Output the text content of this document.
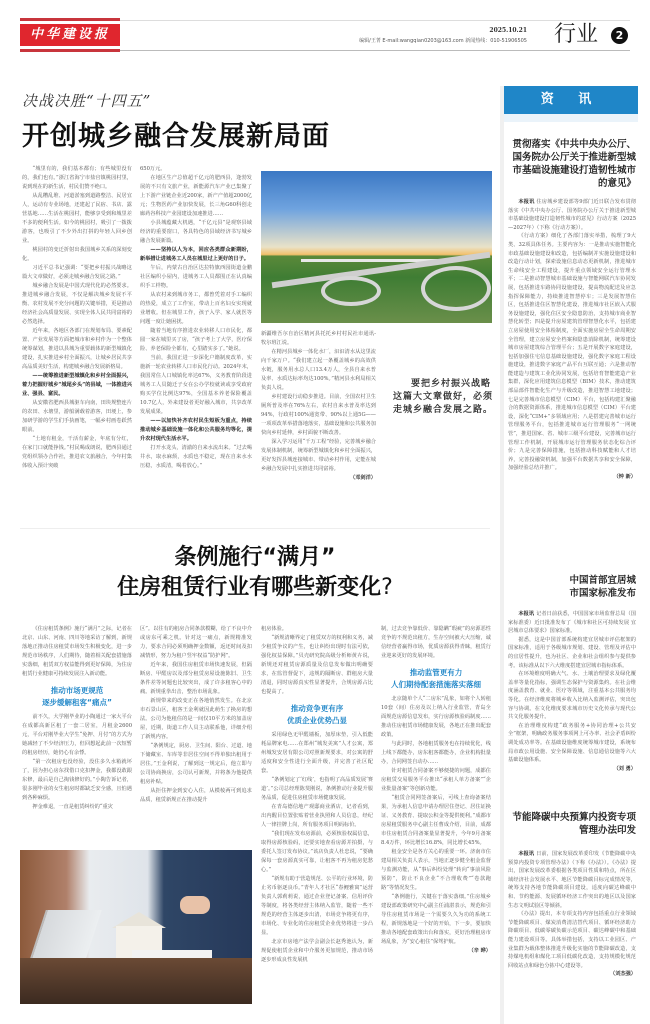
中华建设报	2025.10.21
编辑/王菁 E-mail:wangqian0203@163.com 新闻热线：010-51906505 行业	2
决战决胜“十四五”
开创城乡融合发展新局面

“城里有的，我们基本都有；有些城里没有的，我们也有。”浙江省海宁市盐官镇桃园村里，说到现在的新生活，村民们赞不绝口。

从乱糟乱堆、河道淤塞到道路整洁、民居宜人，运动有专业场地，还建起了民宿、书店、露营基地……生活在桃园村，能够享受到和城里差不多的便利生活。如今的桃园村，吸引了一拨拨游客，也吸引了不少外出打拼的年轻人回乡创业。

桃园村的变迁折射出我国城乡关系的深刻变化。

习近平总书记强调：“要把乡村振兴战略这篇大文章做好，必须走城乡融合发展之路。”

城乡融合发展是中国式现代化的必然要求。推进城乡融合发展，不仅是解决城乡发展不平衡、农村发展不充分问题的关键举措，更是推动经济社会高质量发展、实现全体人民共同富裕的必然选择。

近年来，各地区各部门在规划布局、要素配置、产业发展等方面把城市和乡村作为一个整体统筹谋划，推进以县城为重要载体的新型城镇化建设，扎实推进乡村全面振兴，让城乡居民共享高品质美好生活，构建城乡融合发展新格局。

——统筹推进新型城镇化和乡村全面振兴，着力把握好城乡“城尾乡头”的县域，一体推进兴业、强县、富民。

从安徽省肥西县城驱车向南，田块规整连片的农田、水塘里，游船满载着游客，田埂上，参加研学游的学生们手执画笔，一幅乡村画卷跃然眼前。

“土地有租金，干活有薪金，年底有分红，在家门口就能挣钱。”村民喝成朗说，肥西县通过党组织领办合作社，推进农文旅融合，今年村集体收入预计突破

650万元。

在地区生产总值超千亿元的肥西县，逢勃发展的不只有文旅产业，新能源汽车产业已集聚了上下游产业链企业近200家，新产产值超2000亿元；生物医药产业加快发展，长三角G60科创走廊药谷科技产业园建设加速推进……

小县城蕴藏大机遇，“千亿元县”是观察县域经济的重要窗口，各具特色的县域经济书写城乡融合发展新篇。

——坚持以人为本，回应各类群众新期盼，新举措让进城务工人员在城里过上更好的日子。

午后，内蒙古自治区达拉特旗西园街道金鹏社区编织小屋内，进城务工人员都围正在认真编织手工样物。

从农村来到城市务工，都曾凭着对手工编织的热爱，成立了工作室，带动上百名妇女实现就业增收。但在城里工作，孩子入学、家人就医等问题一度让她困扰。

随着当地有序推进农业转移人口市民化，都圆一家在城里买了房，“孩子考上了大学，医疗保险、养老保险全都有，心里踏实多了。”她说。

当前，我国正进一步深化户籍制度改革，实施新一轮农业转移人口市民化行动。2024年末，我国常住人口城镇化率达67%，义务教育阶段进城务工人员随迁子女在公办学校就读或享受政府购买学位比例达97%，全国基本养老保险覆盖10.7亿人，外来建设者更好融入城市，共享改革发展成果。

——以加快补齐农村民生短板为重点，持续推动城乡基础设施一体化和公共服务均等化，提升农村现代生活水平。

打开水龙头，清澈的自来水流出来。“过去喝井水，取水麻烦，水质也不稳定，现在自来水水压稳，水质清，喝着放心。”

新疆维吾尔自治区精河县托托乡村村民社市通讯-牧尔班江说。

在精河县城乡一体化水厂，汩汩清水从这里流向千家万户。“我们建立起一条覆盖城乡的高效供水链，服务用水总人口13.4万人，全县自来水普及率、水质达标率均达100%。”精河县水利局相关负责人说。

乡村建设行动稳步推进。目前，全国农村卫生厕所普及率在76%左右，农村自来水普及率达到94%，行政村100%通宽带、90%以上通5G——一项项改革举措落地落实，基础设施和公共服务加快向乡村延伸，乡村面貌不断改善。

深入学习运用“千万工程”经验，完善城乡融合发展体制机制，统筹新型城镇化和乡村全面振兴，更好发挥县城连接城市、带动乡村作用，定能在城乡融合发展中扎实推进共同富裕。

（邓剑洋）

要把乡村振兴战略这篇大文章做好，必须走城乡融合发展之路。
条例施行“满月”
住房租赁行业有哪些新变化?

《住房租赁条例》施行“满月”之际，记者在北京、山东、河南、四川等地采访了解到，新规落地正推动住房租赁市场发生积极变化，进一步规范市场秩序，人们期待，随着相关配套措施落实落细，租赁双方权益能得到更好保障，为住房租赁行业健康可持续发展注入新动能。

推动市场更规范
逐步缓解租客“痛点”

前不久，大学刚毕业的小陶通过一家大平台在成都高新区租了一套二居室，月租金2600元，平台对刚毕业大学生“免押、月付”的方式为她减轻了不少经济压力，但回想起此前一次短暂的租房经历，她仍心有余悸。

“第一次租房也没经验，没住多久水箱就坏了，因为担心房东找借口克扣押金，我都没敢跟东修，最后是自己掏钱修好的。”小陶告诉记者，很多刚毕业的女生租房时都缺乏安全感，且怕遇到各种麻烦。

押金难退，一直是租赁纠纷的“重灾

区”。以往有的租房合同条款模糊，给了不良中介或房东可乘之机。针对这一痛点，新规精准发力，要求合同必须明确押金数额，返还时间及扣减情形，努力为租户竖牢权益“防护网”。

近年来，我国住房租赁市场快速发展，但隔断房、甲醛房以及部分租赁房屋设施陈旧、卫生条件差等问题也比较突出，成了许多租客心中的痛。新规重拳出击，整治市场乱象。

新规带来的改变正在各地悄然发生。在北京市石景山区，租客王金利就因此萌生了换房的想法。公司为他租住的是一间仅10平方米的加盖房屋，近期，街道工作人员主动联系他，详细介绍了新规内容。

“条例规定，厨房、卫生间、阳台、过道、地下储藏室、车库等非居住空间不得单独出租用于居住。”王金利说，了解到这一规定后，他立即与公司协商换房，公司认可新规，并将条为他提供租房补贴。

从拒住押金到安心入住，从模棱两可到追求品质，租赁新规正在推动提升

租房体验。

“新规清晰界定了租赁双方的权利和义务，减少租赁争议的产生，也让纠纷出现时有法可依，强化权益保障。”贝壳研究院高级分析师黄卉说，新规还对租赁房源质量及信息发布做出明确要求，在监管督促下，违规的隔断房、群租房大量清退，同时房源真实性显著提升，合规房源占比也提高了。

推动竞争更有序
优质企业优势凸显

采用绿色无甲醛墙板，加厚床垫，引入低能耗品牌家电……在郑州“城发美寓”人才公寓，郑州城发安居有限公司对照新规要求，对公寓的舒适度和安全性进行全面升级，并完善了社区配套。

“条例划定了‘红线’，也指明了高品质发展‘赛道’。”公司总经理陈斐刚说，条例推动行业提升服务品质，促进住房租赁市场健康发展。

在青岛德信地产观邸商业酒店，记者看到，出内醒目位置张贴着营业执照和人员信息，经纪人一律挂牌上岗，所有服务项目明码标价。

“我们现在发布房源前，必须核验权属信息，取得房源核验码，还要实地查看房源并拍摄，与委托人签订发布协议。”该店负责人杜忠说，“要确保每一套房源真实可靠，让租客不再为租房犯愁心。”

“新规有助于营造规范、公平的行业环境，防止劣币驱逐良币。”青年人才社区“春鲤雅寓”运营负责人郭莉莉说，通过企业登记备案、信用评价等制度，将各类经营主体纳入监管，随着一些不规范的经营主体逐步出清，市场竞争将更有序，市场化、专业化的住房租赁企业优势将进一步凸显。

北京市房地产法学会副会长赵秀池认为，新规促使租赁企业和中介服务更加规范，推动市场逐步形成良性发展机

制，过去竞争靠低价、靠隐瞒“瑕疵”的房源恶性竞争的不规范出租方，生存空间被大大压缩，诚信经营者赢得市场，优质房源获得青睐，租赁行业迎来更好的发展环境。

推动监管更有力
人们期待配套措施落实落细

北京随单个人“二房东”乱象，如将个人转租10套（间）住房及以上纳入行业监管，青岛全面规范房源信息发布，实行房源核验码制度……推动住房租赁市场健康发展，各地正在推出配套政策。

与此同时，各地租赁服务也在持续优化，线上线下都能办，房东租客都能办，企业机构批量办，合同网签自动办……

针对租赁合同备案不够便捷的问题，成都住房租赁交易服务平台推出“承租人单方备案”“企业批量备案”等创新功能。

“租赁合同网签备案后，可线上查询备案结果，为承租人信息申请办理居住登记、居住证换证、义务教育、提取公积金等提供便利。”成都市房屋租赁服务中心副主任曹成介绍，目前，成都市住房租赁合同备案量显著提升，今年9月备案8.4万件，环比增长16.8%，同比增长45%。

租金安全是各方关心的重要一环。济南市住建局相关负责人表示，当地正逐步健全租金监督与监测功能，从“事后纠纷处理”转向“事前风险预防”，防止不良企业“不合理收费”“卷款跑路”等情况发生。

“条例施行，关键在于落实落细。”住房城乡建设部政策研究中心副主任浦湛表示，规范和引导住房租赁市场是一个需要久久为功的系统工程，新规落地是一个好的开始，下一步，要加快推动各地配套政策出台和落实，更好治理租房市场乱象，为“安心租住”保驾护航。

（辛 晔）

资 讯
贯彻落实《中共中央办公厅、国务院办公厅关于推进新型城市基础设施建设打造韧性城市的意见》

本报讯 住房城乡建设部等9部门近日联合发布贯彻落实《中共中央办公厅、国务院办公厅关于推进新型城市基础设施建设打造韧性城市的意见》行动方案（2025—2027年）（下称《行动方案》）。

《行动方案》细化了各部门落实举措，梳理了9大类、32项具体任务。主要内容为：一是推动实施智能化市政基础设施建设和改造，包括编制并实施设施建设和改造行动计划，探索设施信息动态更新机制，推进城市生命线安全工程建设，提升重点领域安全运行管理水平；二是推动智慧城市基础设施与智能网联汽车协同发展，包括推进车路协同设施建设，提高物流配送及应急指挥保障能力，持续推进智慧停车；三是发展智慧住区，包括推进住区智慧化建设，推进城市社区嵌入式服务设施建设，强化住区安全隐患防治，支持城市商业智慧化转型；四是提升房屋建筑管理智慧化水平，包括建立房屋使用安全体检制度，全面实施房屋全生命周期安全管理，建立房屋安全档案和隐患消除机制，统筹建设城市房屋建筑综合管理平台；五是开展数字家庭建设，包括加强住宅信息基础设施建设，强化数字家庭工程设施建设，推进数字家庭产品平台互联互通；六是推动智能建造与建筑工业化协同发展，包括培育智能建造产业集群，深化应用建筑信息模型（BIM）技术，推动建筑部品部件智能化生产与升级改造，推进智慧工地建设；七是完善城市信息模型（CIM）平台，包括构建汇聚融合的数据资源体系，推进城市信息模型（CIM）平台建设，深化“CIM+”多领域应用；八是搭建完善城市运行管理服务平台，包括推进城市运行管理服务“一网统管”，推进国家、省、城市三级平台建设，完善城市运行管理工作机制，开展城市运行管理服务状态化综合评价；九是完善保障措施，包括推动科技赋能和人才培养，完善投融资机制，加强平台数据共享和安全保障，加强经验总结并推广。

（钟 新）

中国首部宜居城市国家标准发布

本报讯 记者日前获悉，中国国家市场监督总局（国家标准委）近日批准发布了《城市和社区可持续发展 宜居城市总体要求》国家标准。

据悉，这是中国首部系统构建宜居城市评估框架的国家标准，适用于各级城市规划、建设、管理及评估中的宜居性提升，也为社区、企业和社会组织参与提供参考。该标准从以下六大维度搭建宜居城市指标体系。

在环境维度明确大气、水、土壤治理要求及绿化覆盖率等量化指标，强调生态保护与资源集约。在社会维度涵盖教育、就业、医疗等领域，注重基本公共服务均等化。在经济维度将城乡收入比纳入监测评估，突出包容与协调。在文化维度要求城市历史文化传承与现代公共文化服务提升。

在治理维度构建“政务服务+协同治理+公共安全”框架，明确政务服务事项网上可办率、社会矛盾纠纷调处成功率等。在基础设施维度统筹城市建设，系统布局市政公用设施、安全保障设施、信息通信设施等六大基础设施体系。

（刘 勇）

节能降碳中央预算内投资专项管理办法印发

本报讯 日前，国家发展改革委印发《节能降碳中央预算内投资专项管理办法》（下称《办法》）。《办法》提出，国家发展改革委根据各类项目性质和特点，所在区域经济社会发展水平、地区节能降碳目标完成情况等，统筹支持各地节能降碳项目建设，适度向碳达峰碳中和、节约能源、发展循环经济工作突出的地区以及国家生态文明试验区等倾斜。

《办法》提出，本专项支持内容包括重点行业领域节能降碳项目、煤炭消费清洁替代项目、循环经济助力降碳项目、低碳零碳负碳示范项目、碳达峰碳中和基础能力建设项目等。具体举措包括，支持以工业园区、产业集群为载体整体推进升级化实施的节能降碳改造，支持煤电机组和煤化工项目低碳化改造，支持规模化规范回收站点和绿色分拣中心建设等。

（刘杰强）
